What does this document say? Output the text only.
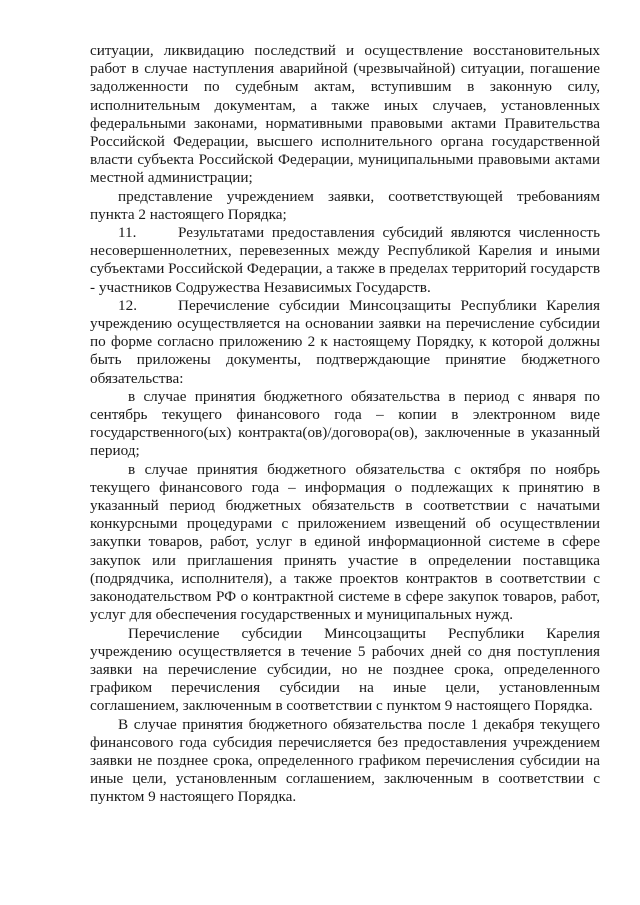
ситуации, ликвидацию последствий и осуществление восстановительных работ в случае наступления аварийной (чрезвычайной) ситуации, погашение задолженности по судебным актам, вступившим в законную силу, исполнительным документам, а также иных случаев, установленных федеральными законами, нормативными правовыми актами Правительства Российской Федерации, высшего исполнительного органа государственной власти субъекта Российской Федерации, муниципальными правовыми актами местной администрации;

представление учреждением заявки, соответствующей требованиям пункта 2 настоящего Порядка;

11.	Результатами предоставления субсидий являются численность несовершеннолетних, перевезенных между Республикой Карелия и иными субъектами Российской Федерации, а также в пределах территорий государств - участников Содружества Независимых Государств.

12.	Перечисление субсидии Минсоцзащиты Республики Карелия учреждению осуществляется на основании заявки на перечисление субсидии по форме согласно приложению 2 к настоящему Порядку, к которой должны быть приложены документы, подтверждающие принятие бюджетного обязательства:

в случае принятия бюджетного обязательства в период с января по сентябрь текущего финансового года – копии в электронном виде государственного(ых) контракта(ов)/договора(ов), заключенные в указанный период;

в случае принятия бюджетного обязательства с октября по ноябрь текущего финансового года – информация о подлежащих к принятию в указанный период бюджетных обязательств в соответствии с начатыми конкурсными процедурами с приложением извещений об осуществлении закупки товаров, работ, услуг в единой информационной системе в сфере закупок или приглашения принять участие в определении поставщика (подрядчика, исполнителя), а также проектов контрактов в соответствии с законодательством РФ о контрактной системе в сфере закупок товаров, работ, услуг для обеспечения государственных и муниципальных нужд.

Перечисление субсидии Минсоцзащиты Республики Карелия учреждению осуществляется в течение 5 рабочих дней со дня поступления заявки на перечисление субсидии, но не позднее срока, определенного графиком перечисления субсидии на иные цели, установленным соглашением, заключенным в соответствии с пунктом 9 настоящего Порядка.

В случае принятия бюджетного обязательства после 1 декабря текущего финансового года субсидия перечисляется без предоставления учреждением заявки не позднее срока, определенного графиком перечисления субсидии на иные цели, установленным соглашением, заключенным в соответствии с пунктом 9 настоящего Порядка.
